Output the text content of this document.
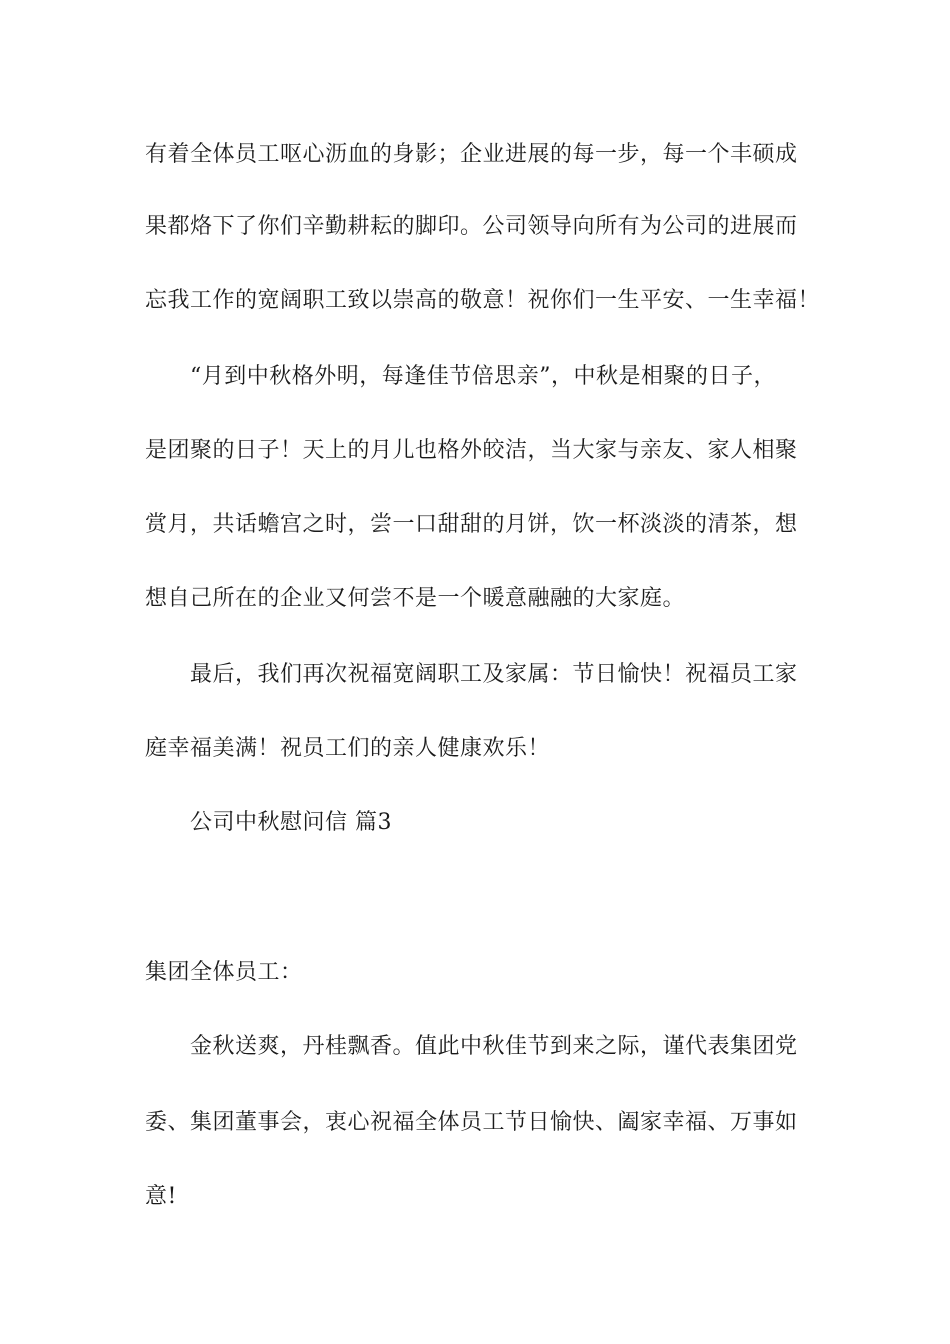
有着全体员工呕心沥血的身影；企业进展的每一步，每一个丰硕成
果都烙下了你们辛勤耕耘的脚印。公司领导向所有为公司的进展而
忘我工作的宽阔职工致以崇高的敬意！祝你们一生平安、一生幸福！
“月到中秋格外明，每逢佳节倍思亲”，中秋是相聚的日子，
是团聚的日子！天上的月儿也格外皎洁，当大家与亲友、家人相聚
赏月，共话蟾宫之时，尝一口甜甜的月饼，饮一杯淡淡的清茶，想
想自己所在的企业又何尝不是一个暖意融融的大家庭。
最后，我们再次祝福宽阔职工及家属：节日愉快！祝福员工家
庭幸福美满！祝员工们的亲人健康欢乐！
公司中秋慰问信 篇3
集团全体员工：
金秋送爽，丹桂飘香。值此中秋佳节到来之际，谨代表集团党
委、集团董事会，衷心祝福全体员工节日愉快、阖家幸福、万事如
意!
